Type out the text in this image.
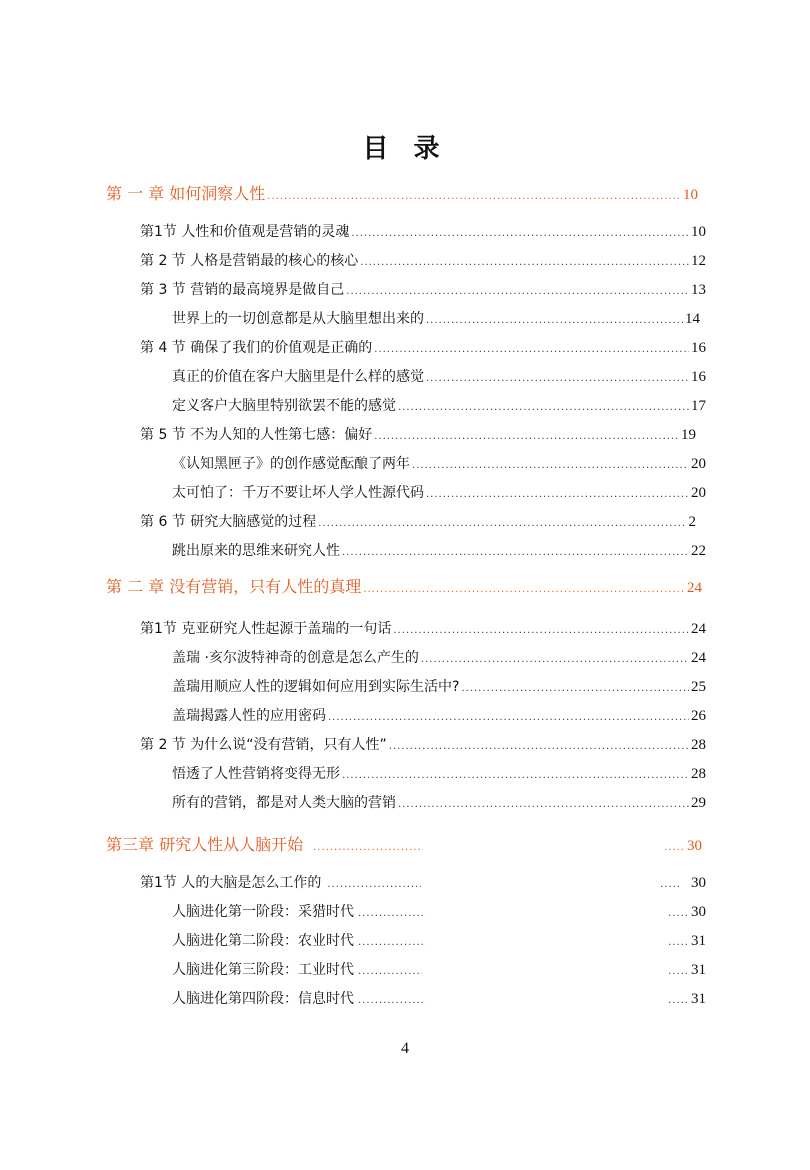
目 录
第 一 章 如何洞察人性 .....	10
第1节 人性和价值观是营销的灵魂 .....	10
第 2 节 人格是营销最的核心的核心 .....	12
第 3 节 营销的最高境界是做自己 .....	13
世界上的一切创意都是从大脑里想出来的 .....	14
第 4 节 确保了我们的价值观是正确的 .....	16
真正的价值在客户大脑里是什么样的感觉 .....	16
定义客户大脑里特别欲罢不能的感觉 .....	17
第 5 节 不为人知的人性第七感：偏好 .....	19
《认知黑匣子》的创作感觉酝酿了两年 .....	20
太可怕了：千万不要让坏人学人性源代码 .....	20
第 6 节 研究大脑感觉的过程 .....	2
跳出原来的思维来研究人性 .....	22
第 二 章 没有营销，只有人性的真理 .....	24
第1节 克亚研究人性起源于盖瑞的一句话 .....	24
盖瑞 ·亥尔波特神奇的创意是怎么产生的 .....	24
盖瑞用顺应人性的逻辑如何应用到实际生活中? .....	25
盖瑞揭露人性的应用密码 .....	26
第 2 节 为什么说“没有营销，只有人性” .....	28
悟透了人性营销将变得无形 .....	28
所有的营销，都是对人类大脑的营销 .....	29
第三章 研究人性从人脑开始 ..... .....	30
第1节 人的大脑是怎么工作的 ..... .....	30
人脑进化第一阶段：采猎时代 ..... .....	30
人脑进化第二阶段：农业时代 ..... .....	31
人脑进化第三阶段：工业时代 ..... .....	31
人脑进化第四阶段：信息时代 ..... .....	31
4
